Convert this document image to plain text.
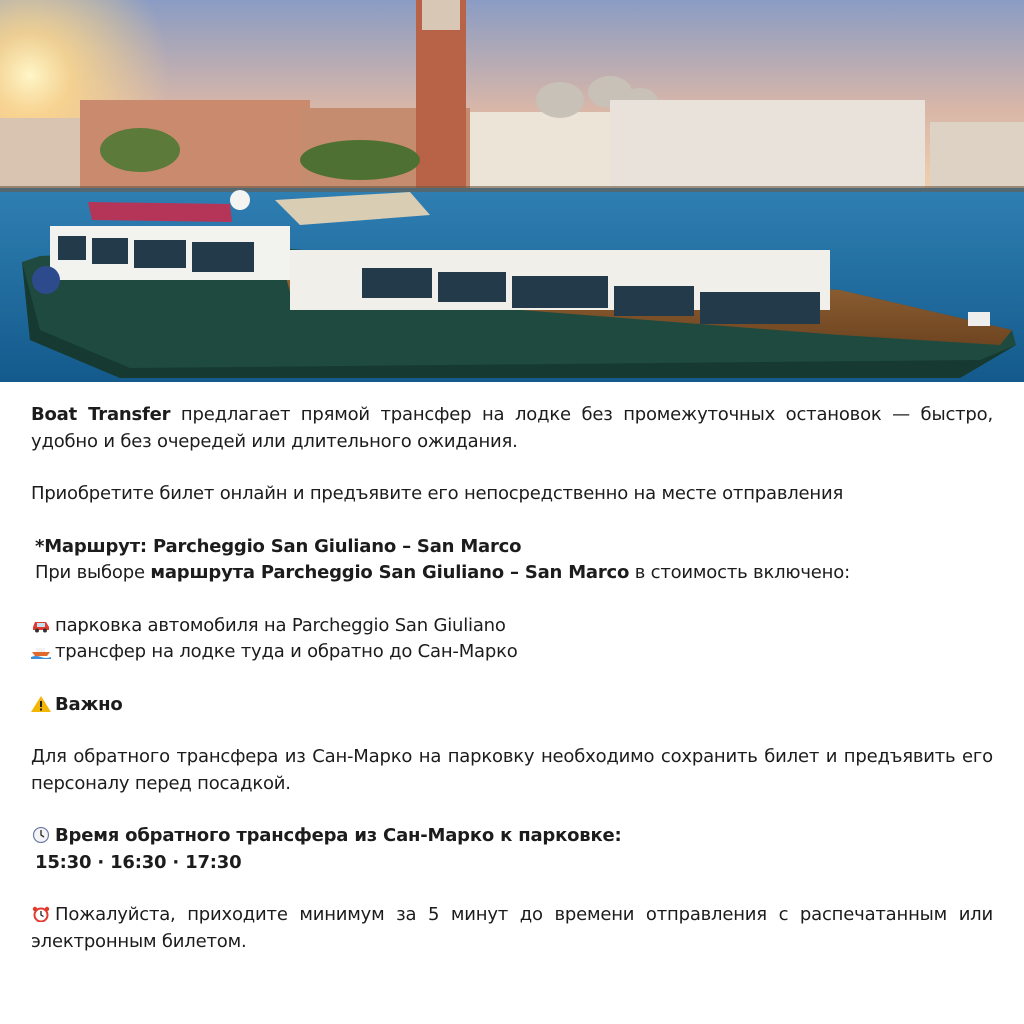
Boat Transfer предлагает прямой трансфер на лодке без промежуточных остановок — быстро, удобно и без очередей или длительного ожидания.

Приобретите билет онлайн и предъявите его непосредственно на месте отправления

*Маршрут: Parcheggio San Giuliano – San Marco

При выборе маршрута Parcheggio San Giuliano – San Marco в стоимость включено:

парковка автомобиля на Parcheggio San Giuliano

трансфер на лодке туда и обратно до Сан-Марко

Важно

Для обратного трансфера из Сан-Марко на парковку необходимо сохранить билет и предъявить его персоналу перед посадкой.

Время обратного трансфера из Сан-Марко к парковке:

15:30 · 16:30 · 17:30

Пожалуйста, приходите минимум за 5 минут до времени отправления с распечатанным или электронным билетом.
